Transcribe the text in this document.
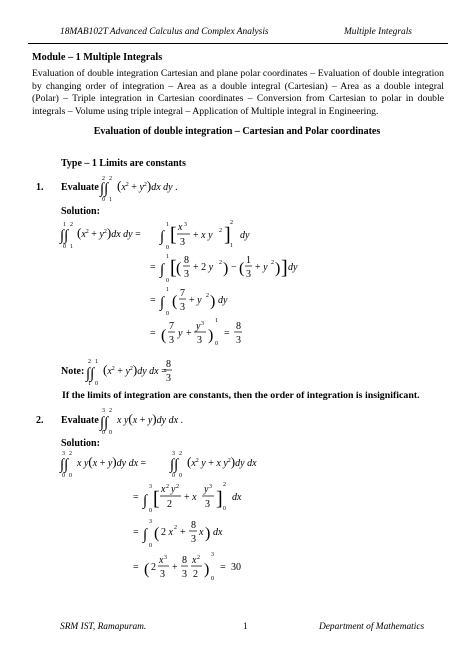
18MAB102T Advanced Calculus and Complex Analysis	Multiple Integrals
Module – 1 Multiple Integrals
Evaluation of double integration Cartesian and plane polar coordinates – Evaluation of double integration by changing order of integration – Area as a double integral (Cartesian) – Area as a double integral (Polar) – Triple integration in Cartesian coordinates – Conversion from Cartesian to polar in double integrals – Volume using triple integral – Application of Multiple integral in Engineering.
Evaluation of double integration – Cartesian and Polar coordinates
Type – 1 Limits are constants
1. Evaluate ∫∫
2 2
0 1
$(x^2 + y^2)dx$ dy .
Solution:
∫∫
1 2
0 1
$(x^2 + y^2)dx$ dy = ∫
1
0
[ x 3
3
+ x y 2 ]
2
1
dy
= ∫
1
0
[ ( 8
3
+ 2 y 2 ) − ( 1
3
+ y 2 ) ] dy
= ∫
1
0
( 7
3
+ y 2 ) dy
= (
7
3
y +
y 3
3 )
1
0
=
8
3
Note: ∫∫
2 1
1 0
$(x^2 + y^2)dy$ dx =
8
3
If the limits of integration are constants, then the order of integration is insignificant.
2. Evaluate ∫∫
3 2
0 0
x y(x + y)dy dx .
Solution:
∫∫
3 2
0 0
x y(x + y)dy dx = ∫∫
3 2
0 0
($x^2$ y + x $y^2)dy$ dx
= ∫
3
0
[ x 2 y 2
2
+ x
y 3
3 ]
2
0
dx
= ∫
3
0
( 2 x 2 +
8
3
x ) dx
= ( 2
x 3
3
+
8
3
x 2
2 )
3
0
= 30
SRM IST, Ramapuram.	1	Department of Mathematics
